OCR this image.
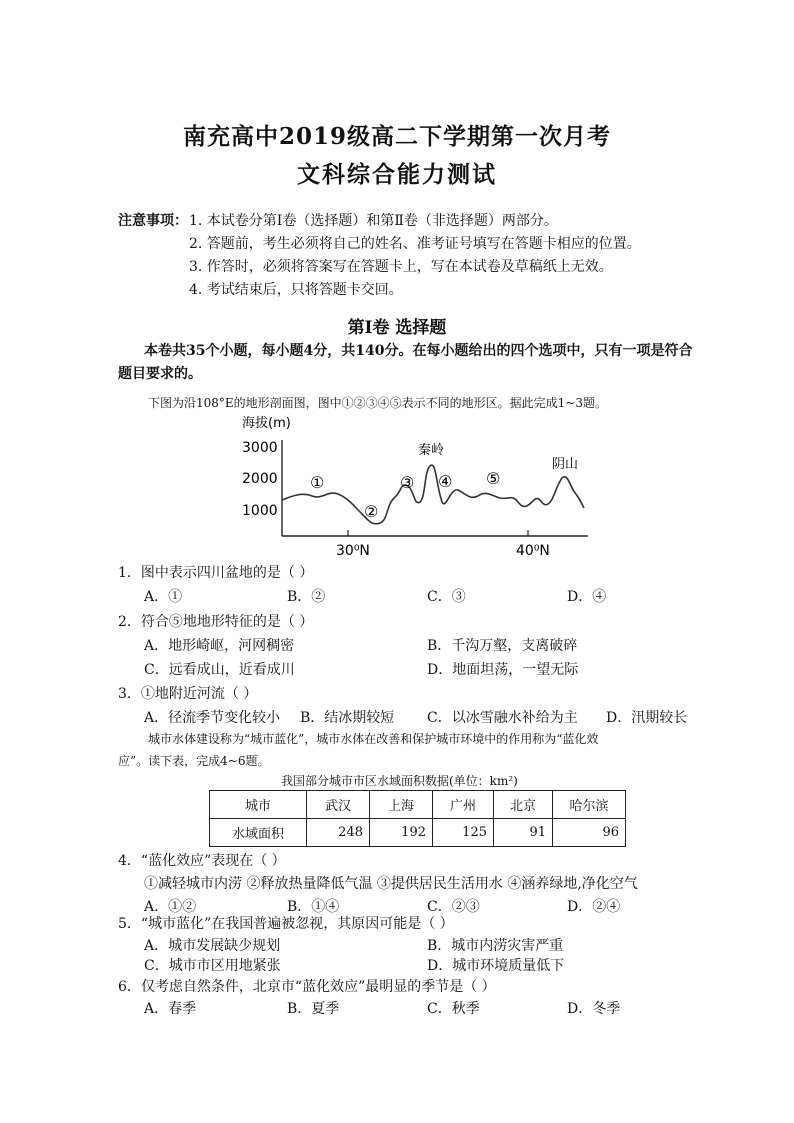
南充高中2019级高二下学期第一次月考
文科综合能力测试
注意事项： 1. 本试卷分第Ⅰ卷（选择题）和第Ⅱ卷（非选择题）两部分。
2. 答题前，考生必须将自己的姓名、准考证号填写在答题卡相应的位置。
3. 作答时，必须将答案写在答题卡上，写在本试卷及草稿纸上无效。
4. 考试结束后，只将答题卡交回。
第Ⅰ卷 选择题
本卷共35个小题，每小题4分，共140分。在每小题给出的四个选项中，只有一项是符合
题目要求的。
下图为沿108°E的地形剖面图，图中①②③④⑤表示不同的地形区。据此完成1~3题。
海拔(m)
3000
2000
1000
30⁰N	40⁰N
①
②
③ ④ ⑤
秦岭
阴山
1．图中表示四川盆地的是（ ）
A．①	B．②	C．③	D．④
2．符合⑤地地形特征的是（ ）
A．地形崎岖，河网稠密	B．千沟万壑，支离破碎
C．远看成山，近看成川	D．地面坦荡，一望无际
3．①地附近河流（ ）
A．径流季节变化较小 B．结冰期较短 C．以冰雪融水补给为主 D．汛期较长
城市水体建设称为“城市蓝化”，城市水体在改善和保护城市环境中的作用称为“蓝化效
应”。读下表，完成4~6题。
我国部分城市市区水域面积数据(单位：km²)
城市	武汉	上海	广州	北京	哈尔滨
水域面积	248	192	125	91	96
4．“蓝化效应”表现在（ ）
①减轻城市内涝 ②释放热量降低气温 ③提供居民生活用水 ④涵养绿地,净化空气
A．①②	B．①④	C．②③	D．②④
5．“城市蓝化”在我国普遍被忽视，其原因可能是（ ）
A．城市发展缺少规划	B．城市内涝灾害严重
C．城市市区用地紧张	D．城市环境质量低下
6．仅考虑自然条件，北京市“蓝化效应”最明显的季节是（ ）
A．春季	B．夏季	C．秋季	D．冬季
